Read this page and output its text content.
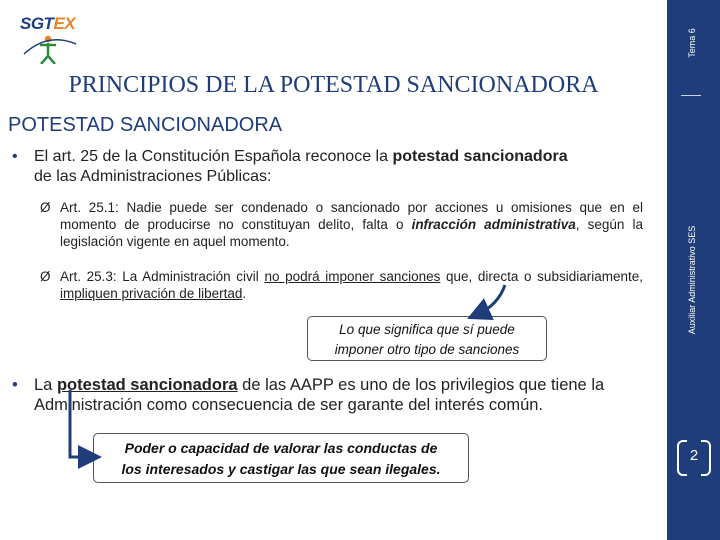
SGTEX
PRINCIPIOS DE LA POTESTAD SANCIONADORA
POTESTAD SANCIONADORA
• El art. 25 de la Constitución Española reconoce la potestad sancionadora
de las Administraciones Públicas:
Ø Art. 25.1: Nadie puede ser condenado o sancionado por acciones u omisiones que en el momento de producirse no constituyan delito, falta o infracción administrativa, según la legislación vigente en aquel momento.
Ø Art. 25.3: La Administración civil no podrá imponer sanciones que, directa o subsidiariamente, impliquen privación de libertad.
Lo que significa que sí puede
imponer otro tipo de sanciones
• La potestad sancionadora de las AAPP es uno de los privilegios que tiene la
Administración como consecuencia de ser garante del interés común.
Poder o capacidad de valorar las conductas de
los interesados y castigar las que sean ilegales.
Tema 6
Auxiliar Administrativo SES
2
